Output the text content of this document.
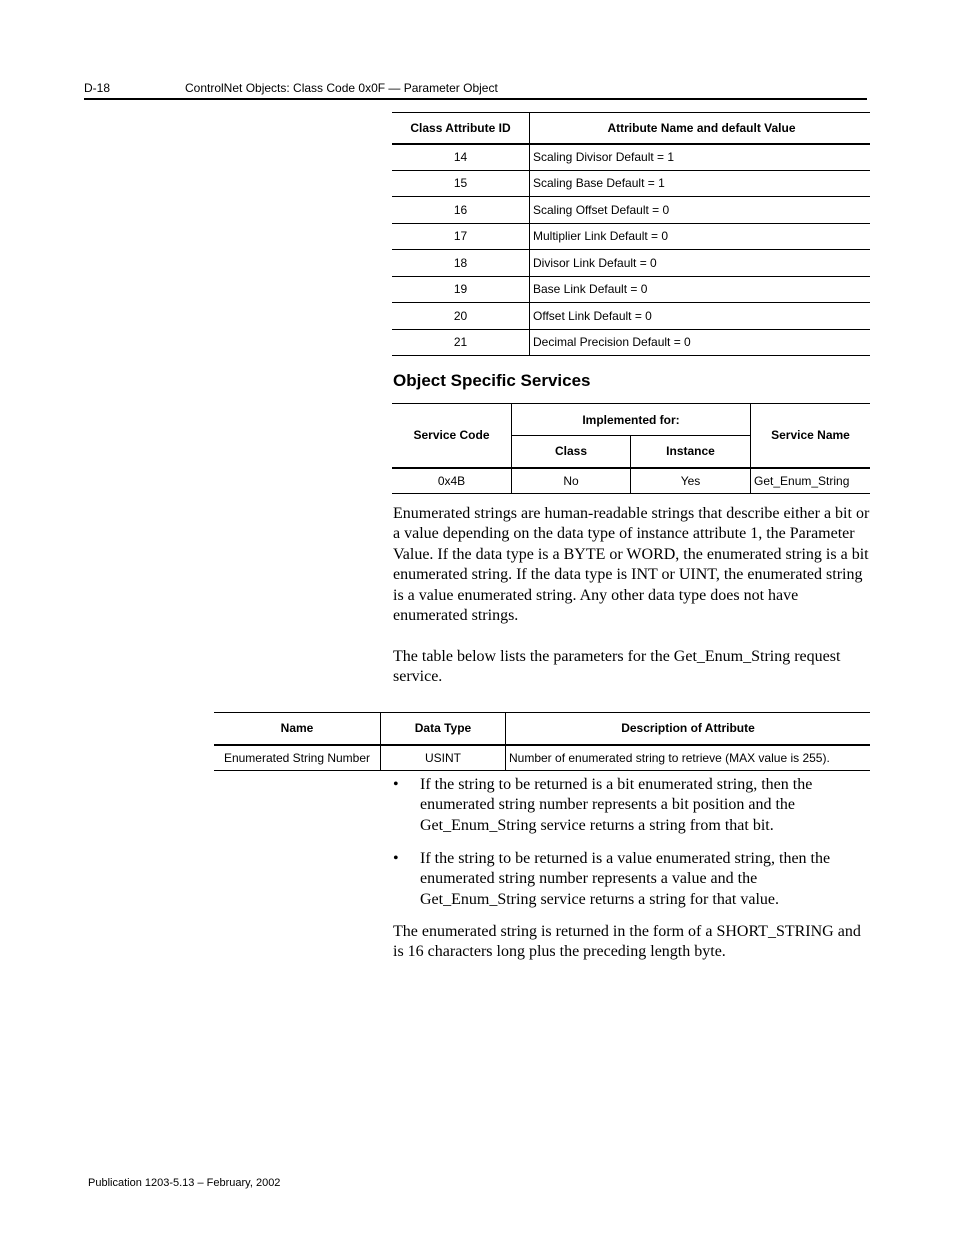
D-18	ControlNet Objects: Class Code 0x0F — Parameter Object
Class Attribute ID	Attribute Name and default Value
14	Scaling Divisor Default = 1
15	Scaling Base Default = 1
16	Scaling Offset Default = 0
17	Multiplier Link Default = 0
18	Divisor Link Default = 0
19	Base Link Default = 0
20	Offset Link Default = 0
21	Decimal Precision Default = 0
Object Specific Services
Service Code	Implemented for:		Service Name
	Class	Instance	
0x4B	No	Yes	Get_Enum_String
Enumerated strings are human-readable strings that describe either a bit or a value depending on the data type of instance attribute 1, the Parameter Value. If the data type is a BYTE or WORD, the enumerated string is a bit enumerated string. If the data type is INT or UINT, the enumerated string is a value enumerated string. Any other data type does not have enumerated strings.
The table below lists the parameters for the Get_Enum_String request service.
Name	Data Type	Description of Attribute
Enumerated String Number	USINT	Number of enumerated string to retrieve (MAX value is 255).
• If the string to be returned is a bit enumerated string, then the enumerated string number represents a bit position and the Get_Enum_String service returns a string from that bit.
• If the string to be returned is a value enumerated string, then the enumerated string number represents a value and the Get_Enum_String service returns a string for that value.
The enumerated string is returned in the form of a SHORT_STRING and is 16 characters long plus the preceding length byte.
Publication 1203-5.13 – February, 2002
